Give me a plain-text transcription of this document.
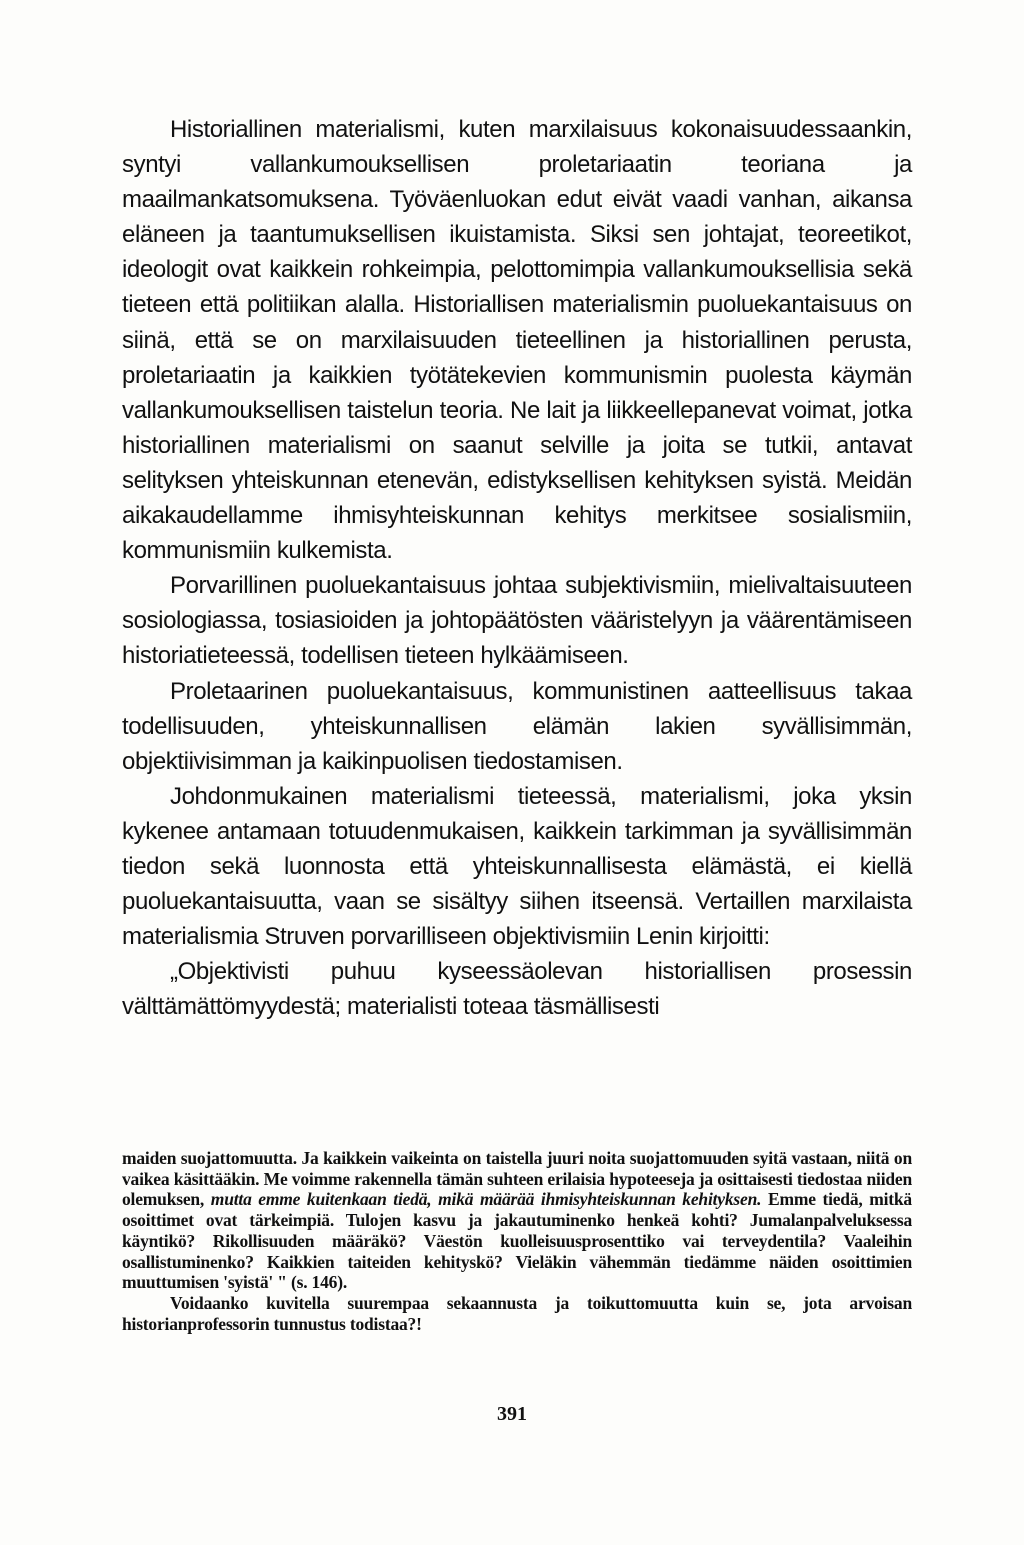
Historiallinen materialismi, kuten marxilaisuus kokonaisuudessaankin, syntyi vallankumouksellisen proletariaatin teoriana ja maailmankatsomuksena. Työväenluokan edut eivät vaadi vanhan, aikansa eläneen ja taantumuksellisen ikuistamista. Siksi sen johtajat, teoreetikot, ideologit ovat kaikkein rohkeimpia, pelottomimpia vallankumouksellisia sekä tieteen että politiikan alalla. Historiallisen materialismin puoluekantaisuus on siinä, että se on marxilaisuuden tieteellinen ja historiallinen perusta, proletariaatin ja kaikkien työtätekevien kommunismin puolesta käymän vallankumouksellisen taistelun teoria. Ne lait ja liikkeellepanevat voimat, jotka historiallinen materialismi on saanut selville ja joita se tutkii, antavat selityksen yhteiskunnan etenevän, edistyksellisen kehityksen syistä. Meidän aikakaudellamme ihmisyhteiskunnan kehitys merkitsee sosialismiin, kommunismiin kulkemista.

Porvarillinen puoluekantaisuus johtaa subjektivismiin, mielivaltaisuuteen sosiologiassa, tosiasioiden ja johtopäätösten vääristelyyn ja väärentämiseen historiatieteessä, todellisen tieteen hylkäämiseen.

Proletaarinen puoluekantaisuus, kommunistinen aatteellisuus takaa todellisuuden, yhteiskunnallisen elämän lakien syvällisimmän, objektiivisimman ja kaikinpuolisen tiedostamisen.

Johdonmukainen materialismi tieteessä, materialismi, joka yksin kykenee antamaan totuudenmukaisen, kaikkein tarkimman ja syvällisimmän tiedon sekä luonnosta että yhteiskunnallisesta elämästä, ei kiellä puoluekantaisuutta, vaan se sisältyy siihen itseensä. Vertaillen marxilaista materialismia Struven porvarilliseen objektivismiin Lenin kirjoitti:

„Objektivisti puhuu kyseessäolevan historiallisen prosessin välttämättömyydestä; materialisti toteaa täsmällisesti

maiden suojattomuutta. Ja kaikkein vaikeinta on taistella juuri noita suojattomuuden syitä vastaan, niitä on vaikea käsittääkin. Me voimme rakennella tämän suhteen erilaisia hypoteeseja ja osittaisesti tiedostaa niiden olemuksen, mutta emme kuitenkaan tiedä, mikä määrää ihmisyhteiskunnan kehityksen. Emme tiedä, mitkä osoittimet ovat tärkeimpiä. Tulojen kasvu ja jakautuminenko henkeä kohti? Jumalanpalveluksessa käyntikö? Rikollisuuden määräkö? Väestön kuolleisuusprosenttiko vai terveydentila? Vaaleihin osallistuminenko? Kaikkien taiteiden kehityskö? Vieläkin vähemmän tiedämme näiden osoittimien muuttumisen 'syistä' " (s. 146).

Voidaanko kuvitella suurempaa sekaannusta ja toikuttomuutta kuin se, jota arvoisan historianprofessorin tunnustus todistaa?!

391
